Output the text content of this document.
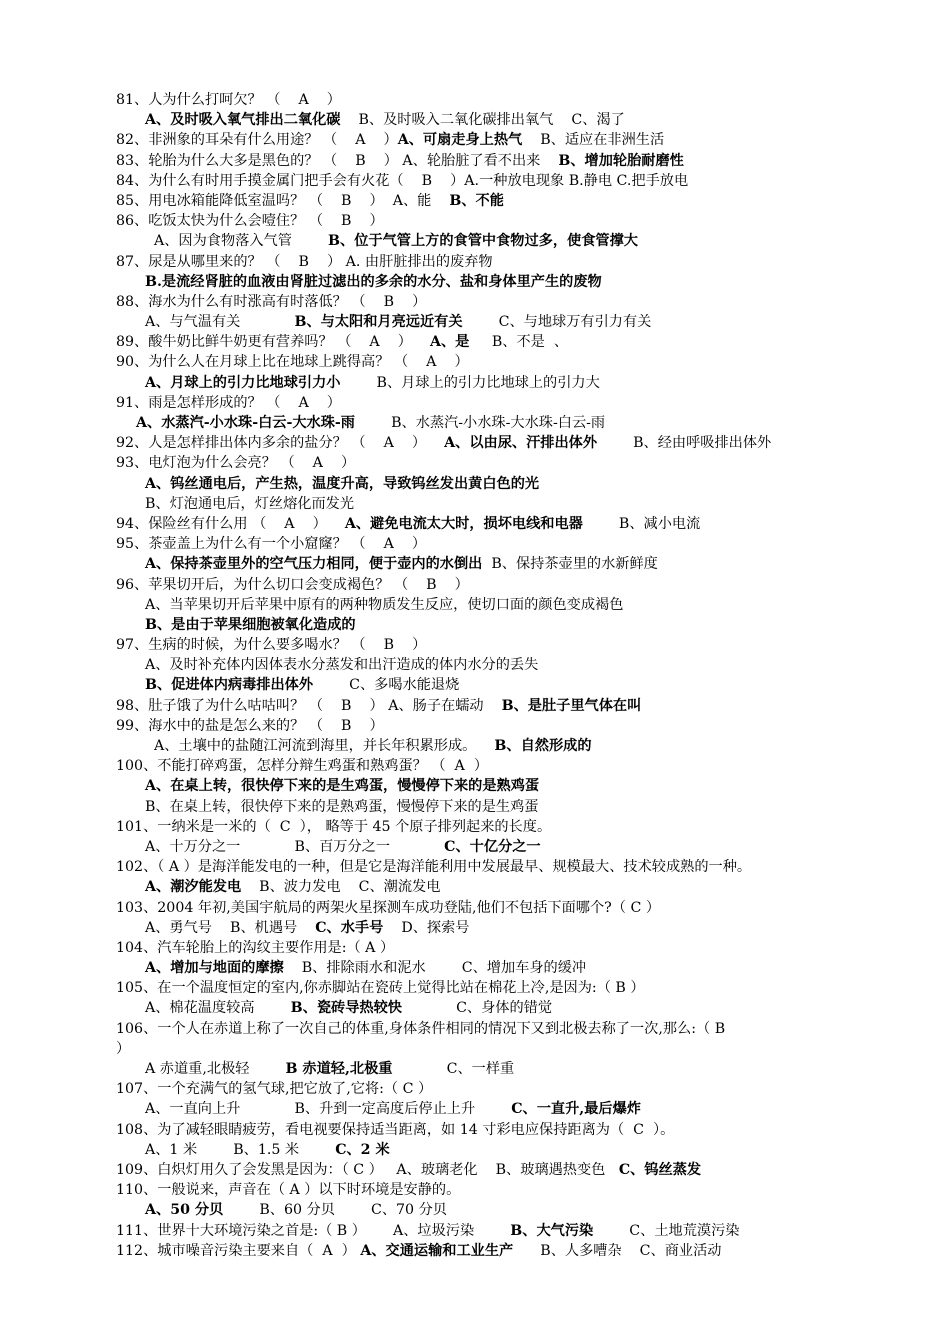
81、人为什么打呵欠？ （    A    ）
A、及时吸入氧气排出二氧化碳    B、及时吸入二氧化碳排出氧气    C、渴了
82、非洲象的耳朵有什么用途？ （    A    ）A、可扇走身上热气    B、适应在非洲生活
83、轮胎为什么大多是黑色的？ （    B    ） A、轮胎脏了看不出来    B、增加轮胎耐磨性
84、为什么有时用手摸金属门把手会有火花（    B    ）A.一种放电现象 B.静电 C.把手放电
85、用电冰箱能降低室温吗？ （    B    ）  A、能    B、不能
86、吃饭太快为什么会噎住？ （    B    ）
A、因为食物落入气管        B、位于气管上方的食管中食物过多，使食管撑大
87、尿是从哪里来的？ （    B    ） A. 由肝脏排出的废弃物
B.是流经肾脏的血液由肾脏过滤出的多余的水分、盐和身体里产生的废物
88、海水为什么有时涨高有时落低？ （    B    ）
A、与气温有关            B、与太阳和月亮远近有关        C、与地球万有引力有关
89、酸牛奶比鲜牛奶更有营养吗？ （    A    ）    A、是     B、不是  、
90、为什么人在月球上比在地球上跳得高？ （    A    ）
A、月球上的引力比地球引力小        B、月球上的引力比地球上的引力大
91、雨是怎样形成的？ （    A    ）
A、水蒸汽-小水珠-白云-大水珠-雨        B、水蒸汽-小水珠-大水珠-白云-雨
92、人是怎样排出体内多余的盐分？ （    A    ）    A、以由尿、汗排出体外        B、经由呼吸排出体外
93、电灯泡为什么会亮？ （    A    ）
A、钨丝通电后，产生热，温度升高，导致钨丝发出黄白色的光
B、灯泡通电后，灯丝熔化而发光
94、保险丝有什么用 （    A    ）    A、避免电流太大时，损坏电线和电器        B、减小电流
95、茶壶盖上为什么有一个小窟窿？ （    A    ）
A、保持茶壶里外的空气压力相同，便于壶内的水倒出  B、保持茶壶里的水新鲜度
96、苹果切开后，为什么切口会变成褐色？ （    B    ）
A、当苹果切开后苹果中原有的两种物质发生反应，使切口面的颜色变成褐色
B、是由于苹果细胞被氧化造成的
97、生病的时候，为什么要多喝水？ （    B    ）
A、及时补充体内因体表水分蒸发和出汗造成的体内水分的丢失
B、促进体内病毒排出体外        C、多喝水能退烧
98、肚子饿了为什么咕咕叫？ （    B    ） A、肠子在蠕动    B、是肚子里气体在叫
99、海水中的盐是怎么来的？ （    B    ）
A、土壤中的盐随江河流到海里，并长年积累形成。    B、自然形成的
100、不能打碎鸡蛋，怎样分辩生鸡蛋和熟鸡蛋？ （  A  ）
A、在桌上转，很快停下来的是生鸡蛋，慢慢停下来的是熟鸡蛋
B、在桌上转，很快停下来的是熟鸡蛋，慢慢停下来的是生鸡蛋
101、一纳米是一米的（  C  ）， 略等于 45 个原子排列起来的长度。
A、十万分之一            B、百万分之一            C、十亿分之一
102、（ A ）是海洋能发电的一种，但是它是海洋能利用中发展最早、规模最大、技术较成熟的一种。
A、潮汐能发电    B、波力发电    C、潮流发电
103、2004 年初,美国宇航局的两架火星探测车成功登陆,他们不包括下面哪个?（ C ）
A、勇气号    B、机遇号    C、水手号    D、探索号
104、汽车轮胎上的沟纹主要作用是:（ A ）
A、增加与地面的摩擦    B、排除雨水和泥水        C、增加车身的缓冲
105、在一个温度恒定的室内,你赤脚站在瓷砖上觉得比站在棉花上冷,是因为:（ B ）
A、棉花温度较高        B、瓷砖导热较快            C、身体的错觉
106、一个人在赤道上称了一次自己的体重,身体条件相同的情况下又到北极去称了一次,那么:（ B
）
A 赤道重,北极轻        B 赤道轻,北极重            C、一样重
107、一个充满气的氢气球,把它放了,它将:（ C ）
A、一直向上升            B、升到一定高度后停止上升        C、一直升,最后爆炸
108、为了减轻眼睛疲劳，看电视要保持适当距离，如 14 寸彩电应保持距离为（  C  ）。
A、1 米        B、1.5 米        C、2 米
109、白炽灯用久了会发黑是因为：（ C ）   A、玻璃老化    B、玻璃遇热变色   C、钨丝蒸发
110、一般说来，声音在（ A ）以下时环境是安静的。
A、50 分贝        B、60 分贝        C、70 分贝
111、世界十大环境污染之首是:（ B ）      A、垃圾污染        B、大气污染        C、土地荒漠污染
112、城市噪音污染主要来自（  A  ） A、交通运输和工业生产      B、人多嘈杂    C、商业活动
